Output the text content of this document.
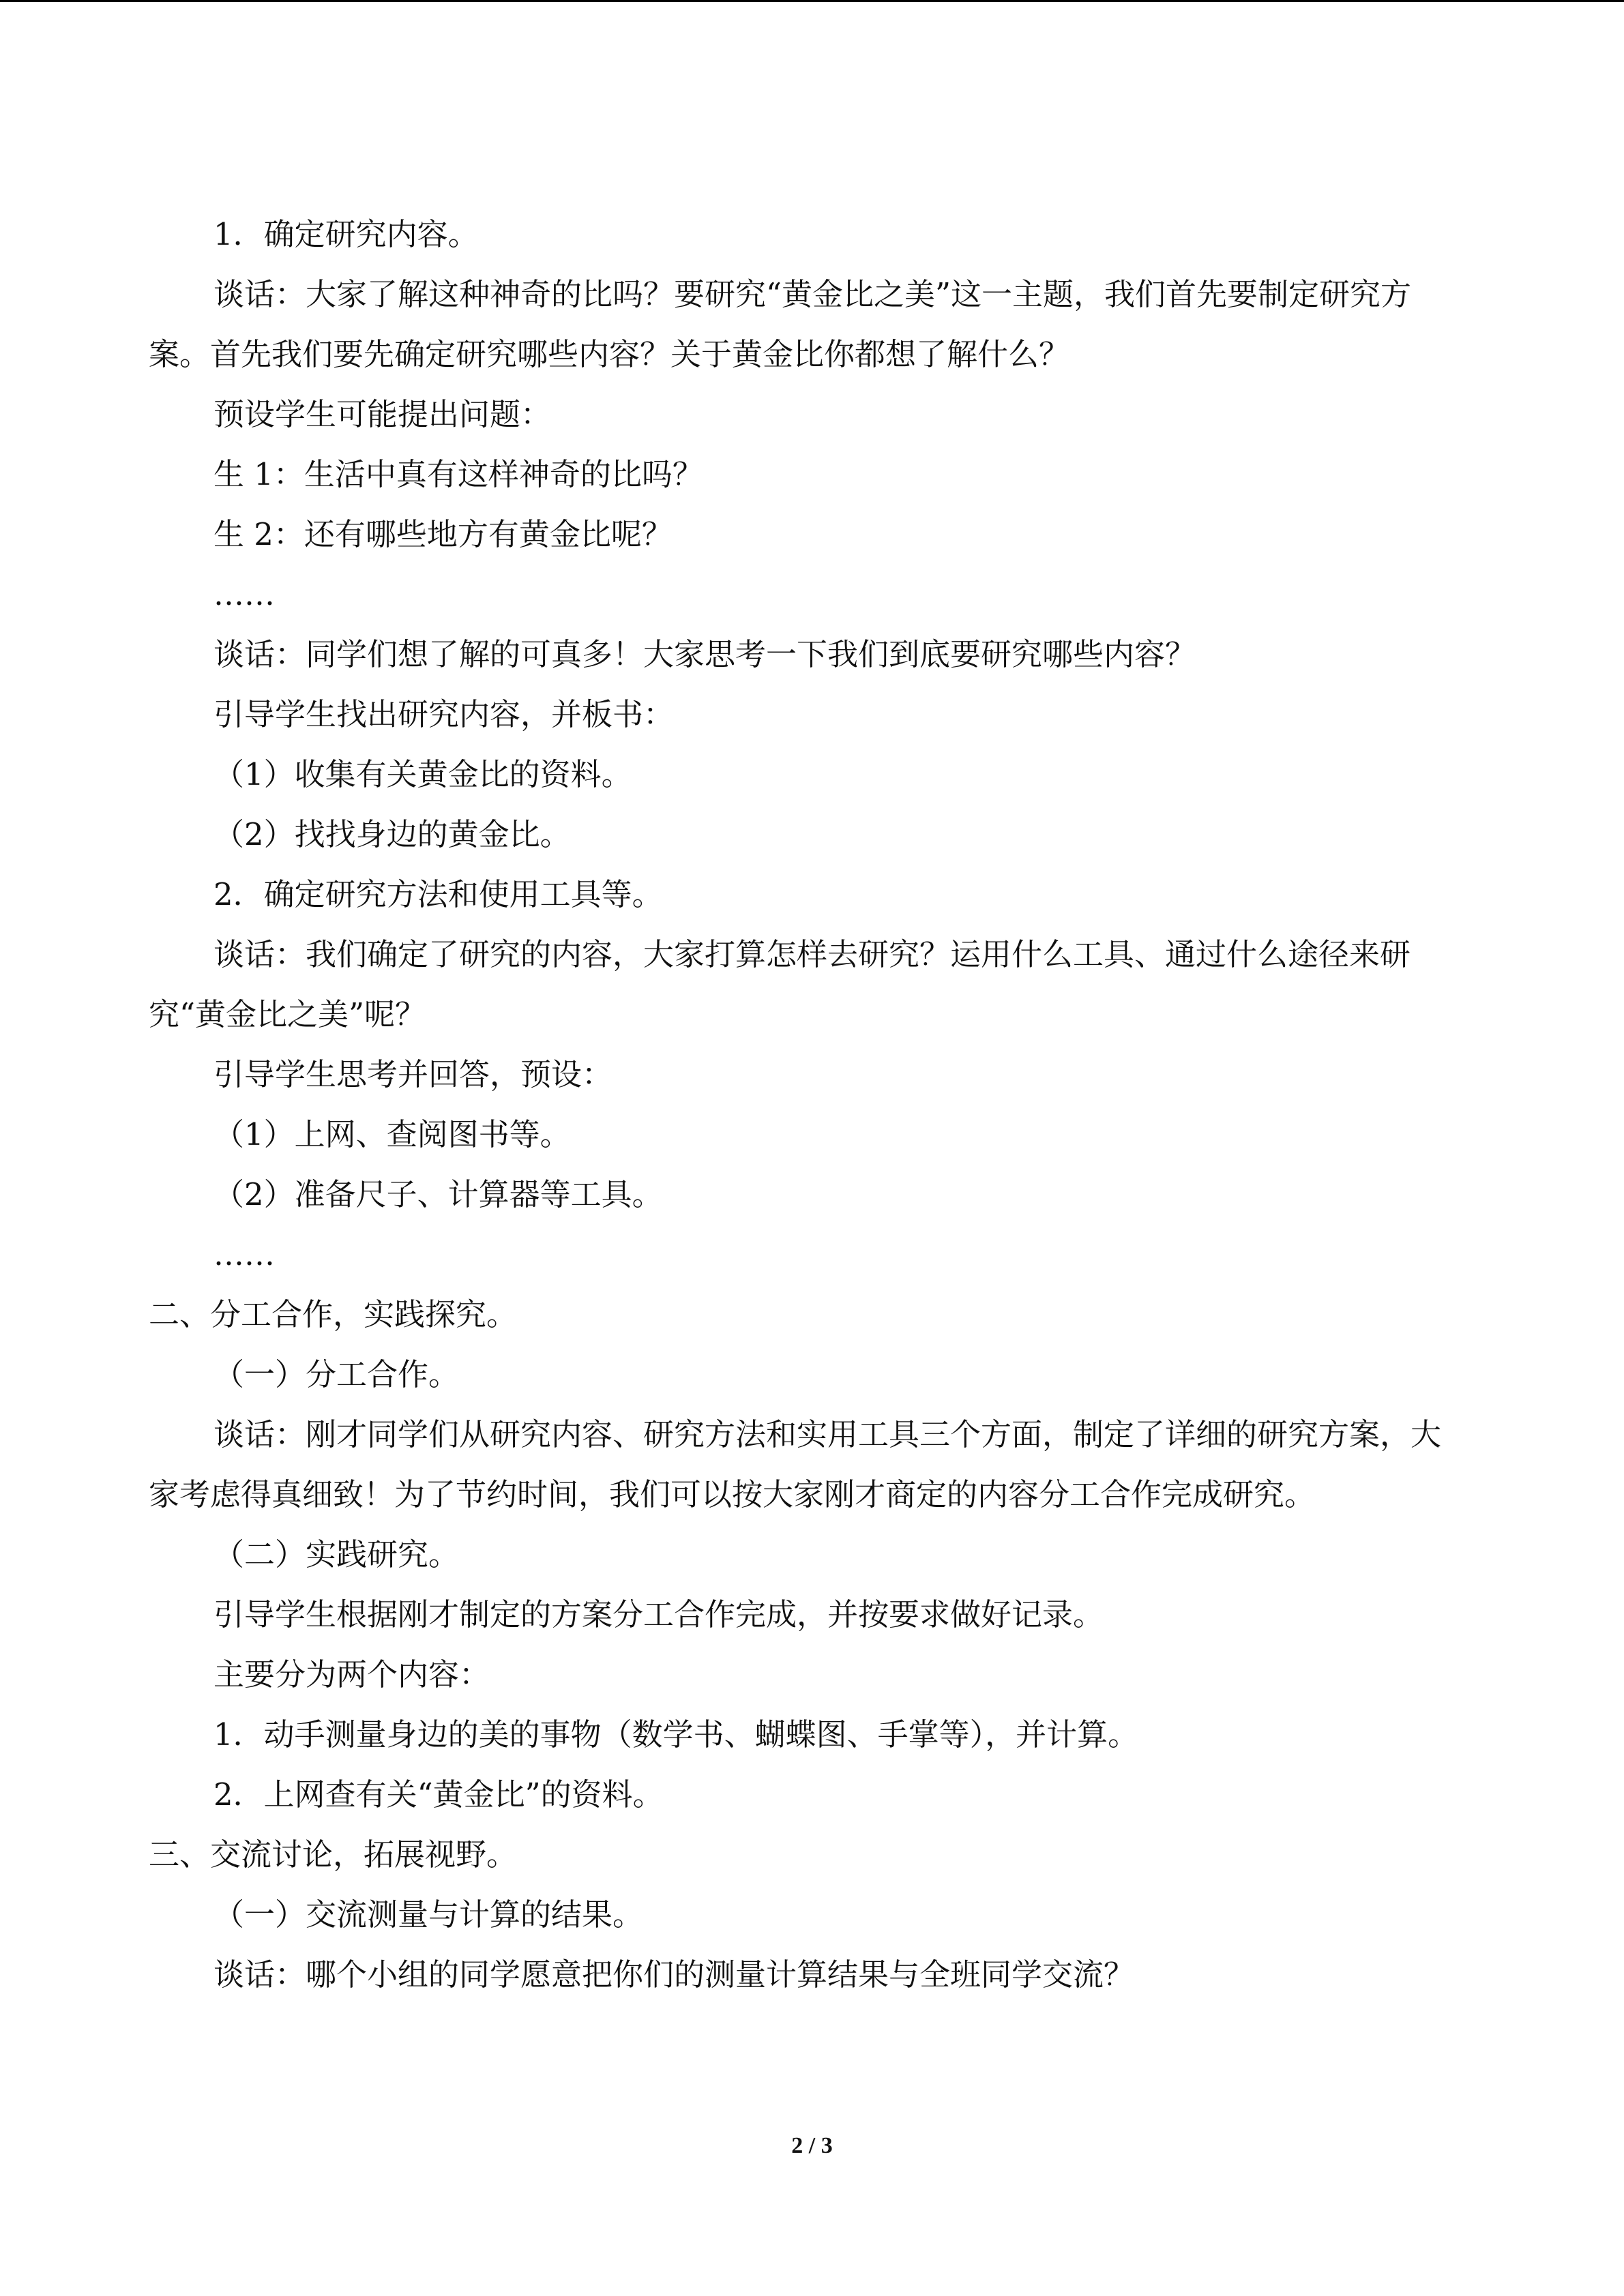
1．确定研究内容。

谈话：大家了解这种神奇的比吗？要研究“黄金比之美”这一主题，我们首先要制定研究方案。首先我们要先确定研究哪些内容？关于黄金比你都想了解什么？

预设学生可能提出问题：

生 1：生活中真有这样神奇的比吗？

生 2：还有哪些地方有黄金比呢？

……

谈话：同学们想了解的可真多！大家思考一下我们到底要研究哪些内容？

引导学生找出研究内容，并板书：

（1）收集有关黄金比的资料。

（2）找找身边的黄金比。

2．确定研究方法和使用工具等。

谈话：我们确定了研究的内容，大家打算怎样去研究？运用什么工具、通过什么途径来研究“黄金比之美”呢？

引导学生思考并回答，预设：

（1）上网、查阅图书等。

（2）准备尺子、计算器等工具。

……

二、分工合作，实践探究。

（一）分工合作。

谈话：刚才同学们从研究内容、研究方法和实用工具三个方面，制定了详细的研究方案，大家考虑得真细致！为了节约时间，我们可以按大家刚才商定的内容分工合作完成研究。

（二）实践研究。

引导学生根据刚才制定的方案分工合作完成，并按要求做好记录。

主要分为两个内容：

1．动手测量身边的美的事物（数学书、蝴蝶图、手掌等），并计算。

2．上网查有关“黄金比”的资料。

三、交流讨论，拓展视野。

（一）交流测量与计算的结果。

谈话：哪个小组的同学愿意把你们的测量计算结果与全班同学交流？

2 / 3
